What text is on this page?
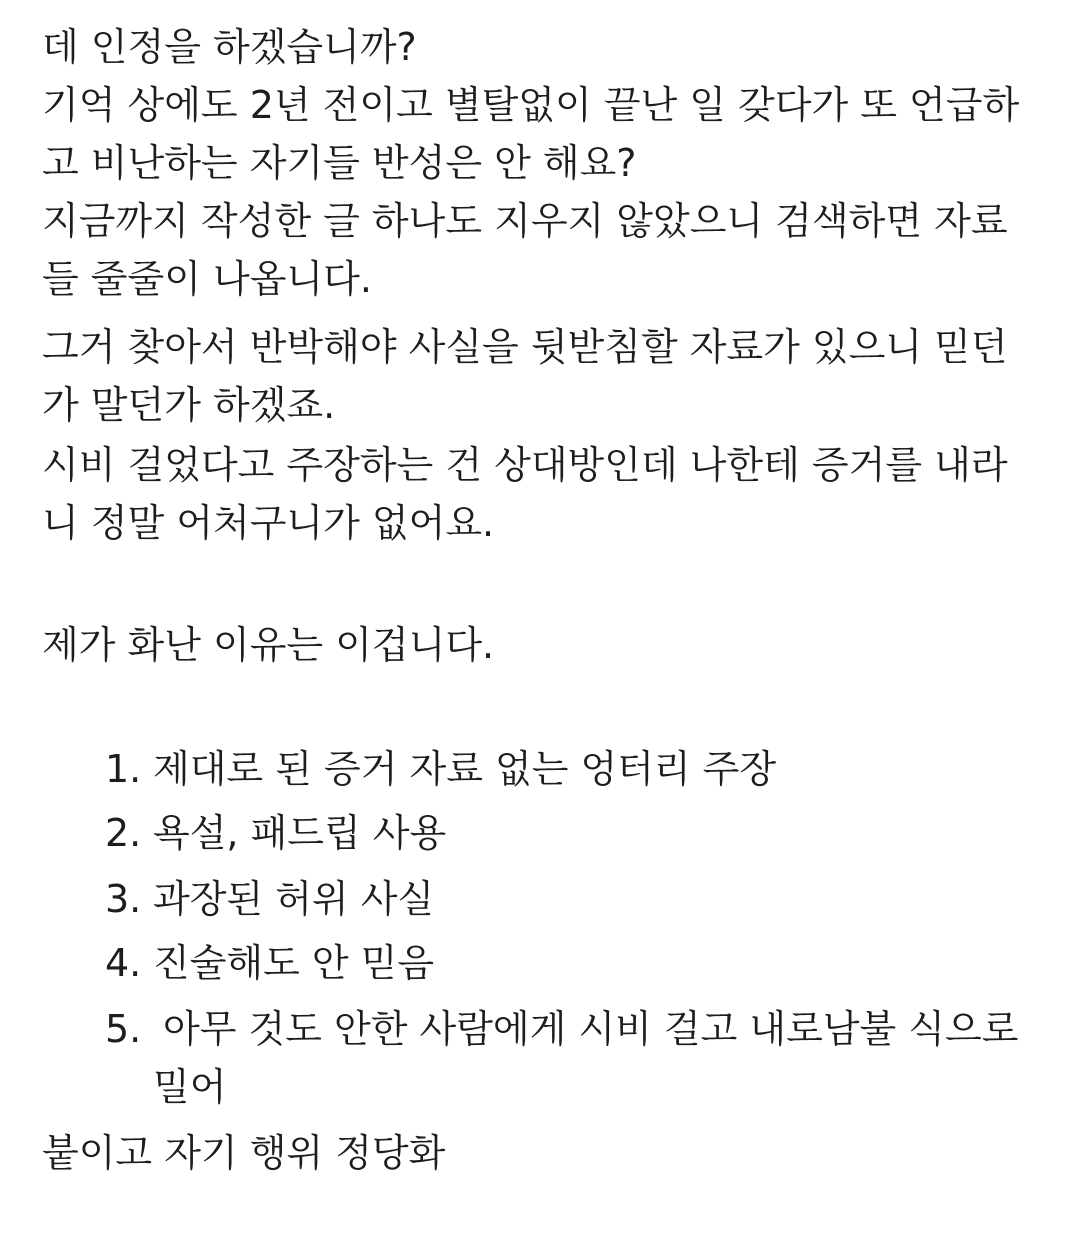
데 인정을 하겠습니까?
기억 상에도 2년 전이고 별탈없이 끝난 일 갖다가 또 언급하
고 비난하는 자기들 반성은 안 해요?
지금까지 작성한 글 하나도 지우지 않았으니 검색하면 자료
들 줄줄이 나옵니다.
그거 찾아서 반박해야 사실을 뒷받침할 자료가 있으니 믿던
가 말던가 하겠죠.
시비 걸었다고 주장하는 건 상대방인데 나한테 증거를 내라
니 정말 어처구니가 없어요.
제가 화난 이유는 이겁니다.
1. 제대로 된 증거 자료 없는 엉터리 주장
2. 욕설, 패드립 사용
3. 과장된 허위 사실
4. 진술해도 안 믿음
5. 아무 것도 안한 사람에게 시비 걸고 내로남불 식으로
밀어
붙이고 자기 행위 정당화
